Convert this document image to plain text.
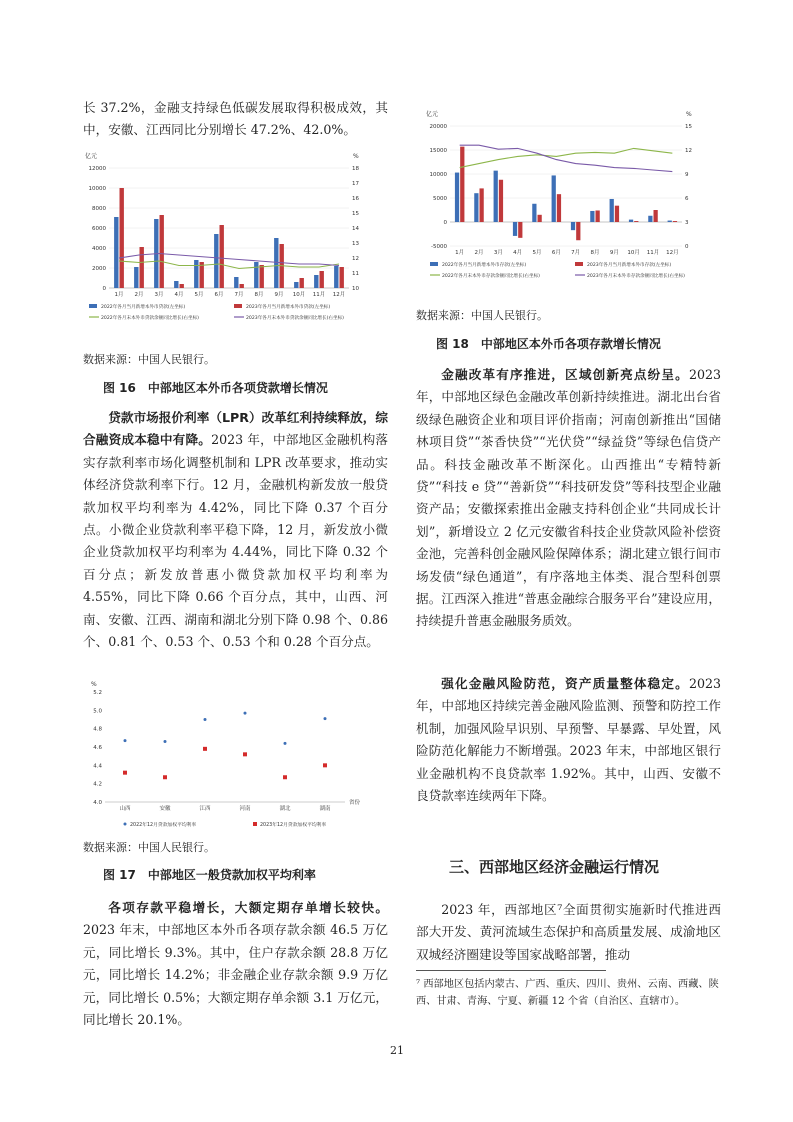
长 37.2%，金融支持绿色低碳发展取得积极成效，其中，安徽、江西同比分别增长 47.2%、42.0%。

亿元	%
0
2000
4000
6000
8000
10000
12000
10
11
12
13
14
15
16
17
18
1月 2月 3月 4月 5月 6月 7月 8月 9月 10月 11月 12月
2022年各月当月新增本外币贷款(左坐标)	2023年各月当月新增本外币贷款(左坐标)
2022年各月末本外币贷款余额同比增长(右坐标)	2023年各月末本外币贷款余额同比增长(右坐标)
数据来源：中国人民银行。
图 16　中部地区本外币各项贷款增长情况

贷款市场报价利率（LPR）改革红利持续释放，综合融资成本稳中有降。2023 年，中部地区金融机构落实存款利率市场化调整机制和 LPR 改革要求，推动实体经济贷款利率下行。12 月，金融机构新发放一般贷款加权平均利率为 4.42%，同比下降 0.37 个百分点。小微企业贷款利率平稳下降，12 月，新发放小微企业贷款加权平均利率为 4.44%，同比下降 0.32 个百分点；新发放普惠小微贷款加权平均利率为 4.55%，同比下降 0.66 个百分点，其中，山西、河南、安徽、江西、湖南和湖北分别下降 0.98 个、0.86 个、0.81 个、0.53 个、0.53 个和 0.28 个百分点。

%
4.0
4.2
4.4
4.6
4.8
5.0
5.2
山西	安徽	江西	河南	湖北	湖南
省份
2022年12月贷款加权平均利率	2023年12月贷款加权平均利率
数据来源：中国人民银行。
图 17　中部地区一般贷款加权平均利率

各项存款平稳增长，大额定期存单增长较快。2023 年末，中部地区本外币各项存款余额 46.5 万亿元，同比增长 9.3%。其中，住户存款余额 28.8 万亿元，同比增长 14.2%；非金融企业存款余额 9.9 万亿元，同比增长 0.5%；大额定期存单余额 3.1 万亿元，同比增长 20.1%。

亿元	%
-5000
0
5000
10000
15000
20000
0
3
6
9
12
15
1月 2月 3月 4月 5月 6月 7月 8月 9月 10月 11月 12月
2022年各月当月新增本外币存款(左坐标)	2023年各月当月新增本外币存款(左坐标)
2022年各月末本外币存款余额同比增长(右坐标)	2023年各月末本外币存款余额同比增长(右坐标)
数据来源：中国人民银行。
图 18　中部地区本外币各项存款增长情况

金融改革有序推进，区域创新亮点纷呈。2023 年，中部地区绿色金融改革创新持续推进。湖北出台省级绿色融资企业和项目评价指南；河南创新推出“国储林项目贷”“茶香快贷”“光伏贷”“绿益贷”等绿色信贷产品。科技金融改革不断深化。山西推出“专精特新贷”“科技 e 贷”“善新贷”“科技研发贷”等科技型企业融资产品；安徽探索推出金融支持科创企业“共同成长计划”，新增设立 2 亿元安徽省科技企业贷款风险补偿资金池，完善科创金融风险保障体系；湖北建立银行间市场发债“绿色通道”，有序落地主体类、混合型科创票据。江西深入推进“普惠金融综合服务平台”建设应用，持续提升普惠金融服务质效。

强化金融风险防范，资产质量整体稳定。2023 年，中部地区持续完善金融风险监测、预警和防控工作机制，加强风险早识别、早预警、早暴露、早处置，风险防范化解能力不断增强。2023 年末，中部地区银行业金融机构不良贷款率 1.92%。其中，山西、安徽不良贷款率连续两年下降。

三、西部地区经济金融运行情况

2023 年，西部地区⁷全面贯彻实施新时代推进西部大开发、黄河流域生态保护和高质量发展、成渝地区双城经济圈建设等国家战略部署，推动

⁷ 西部地区包括内蒙古、广西、重庆、四川、贵州、云南、西藏、陕西、甘肃、青海、宁夏、新疆 12 个省（自治区、直辖市）。
21
